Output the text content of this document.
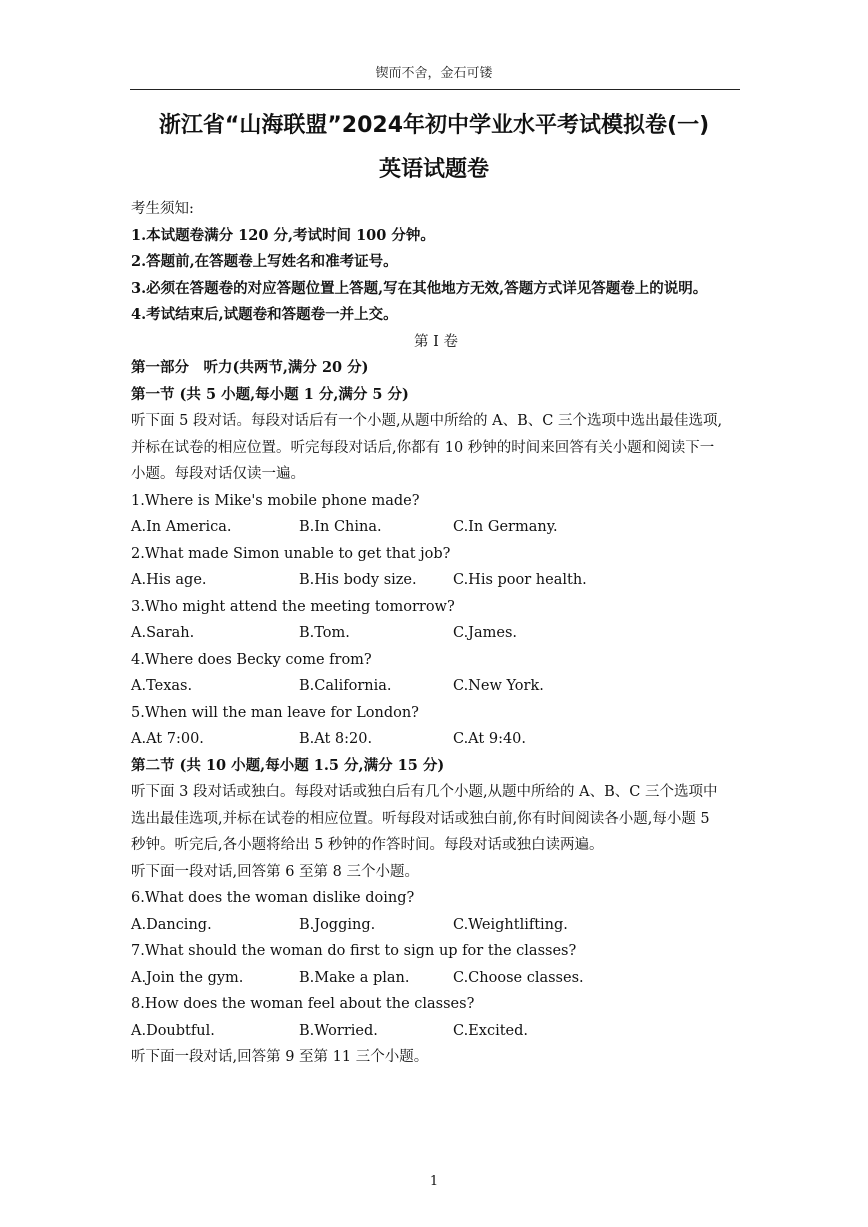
锲而不舍，金石可镂
浙江省“山海联盟”2024年初中学业水平考试模拟卷(一)
英语试题卷
考生须知:
1.本试题卷满分 120 分,考试时间 100 分钟。
2.答题前,在答题卷上写姓名和准考证号。
3.必须在答题卷的对应答题位置上答题,写在其他地方无效,答题方式详见答题卷上的说明。
4.考试结束后,试题卷和答题卷一并上交。
第 I 卷
第一部分　听力(共两节,满分 20 分)
第一节 (共 5 小题,每小题 1 分,满分 5 分)
听下面 5 段对话。每段对话后有一个小题,从题中所给的 A、B、C 三个选项中选出最佳选项,
并标在试卷的相应位置。听完每段对话后,你都有 10 秒钟的时间来回答有关小题和阅读下一
小题。每段对话仅读一遍。
1.Where is Mike's mobile phone made?
A.In America.	B.In China.	C.In Germany.
2.What made Simon unable to get that job?
A.His age.	B.His body size.	C.His poor health.
3.Who might attend the meeting tomorrow?
A.Sarah.	B.Tom.	C.James.
4.Where does Becky come from?
A.Texas.	B.California.	C.New York.
5.When will the man leave for London?
A.At 7:00.	B.At 8:20.	C.At 9:40.
第二节 (共 10 小题,每小题 1.5 分,满分 15 分)
听下面 3 段对话或独白。每段对话或独白后有几个小题,从题中所给的 A、B、C 三个选项中
选出最佳选项,并标在试卷的相应位置。听每段对话或独白前,你有时间阅读各小题,每小题 5
秒钟。听完后,各小题将给出 5 秒钟的作答时间。每段对话或独白读两遍。
听下面一段对话,回答第 6 至第 8 三个小题。
6.What does the woman dislike doing?
A.Dancing.	B.Jogging.	C.Weightlifting.
7.What should the woman do first to sign up for the classes?
A.Join the gym.	B.Make a plan.	C.Choose classes.
8.How does the woman feel about the classes?
A.Doubtful.	B.Worried.	C.Excited.
听下面一段对话,回答第 9 至第 11 三个小题。
1
